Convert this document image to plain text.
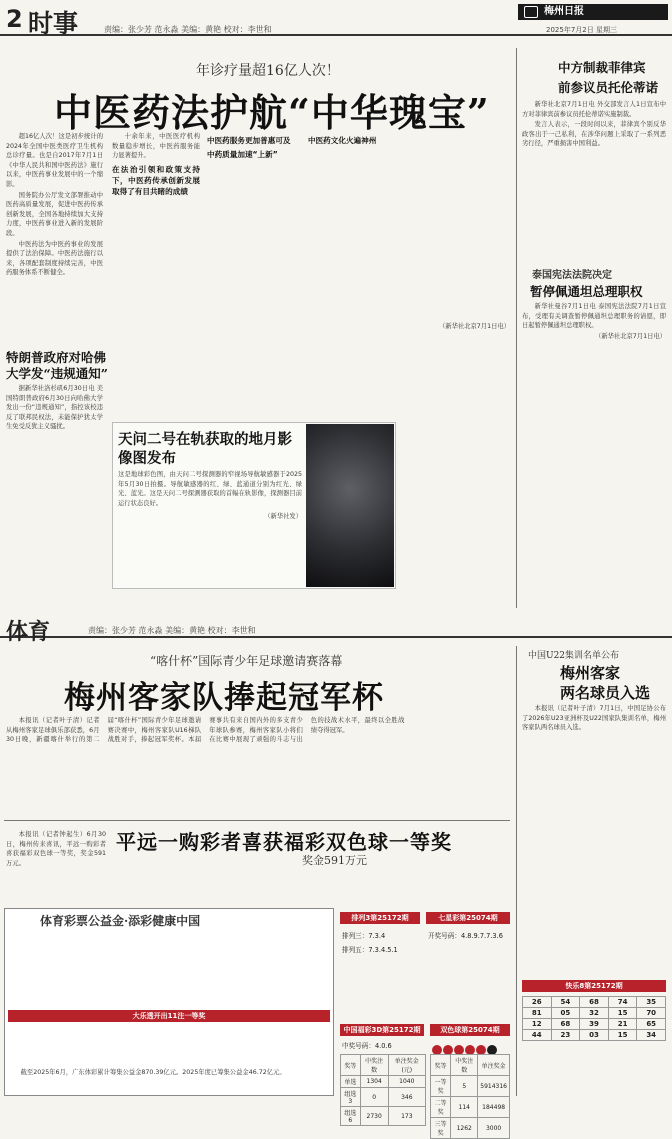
2 时事	责编：张少芳 范永淼 美编：黄艳 校对：李世和
梅州日报
2025年7月2日 星期三
年诊疗量超16亿人次！
中医药法护航“中华瑰宝”

超16亿人次！这是初步统计的2024年全国中医类医疗卫生机构总诊疗量。也是自2017年7月1日《中华人民共和国中医药法》施行以来，中医药事业发展中的一个缩影。

国务院办公厅发文部署推动中医药高质量发展，促进中医药传承创新发展，全国各地持续加大支持力度，中医药事业进入新的发展阶段。

中医药法为中医药事业的发展提供了法治保障。中医药法施行以来，各项配套制度持续完善，中医药服务体系不断健全。

十余年来，中医医疗机构数量稳步增长，中医药服务能力显著提升。

在法治引领和政策支持下，中医药传承创新发展取得了有目共睹的成绩

中医药服务更加普惠可及

中药质量加速“上新”

中医药文化火遍神州

（新华社北京7月1日电）

特朗普政府对哈佛
大学发“违规通知”

据新华社洛杉矶6月30日电 美国特朗普政府6月30日向哈佛大学发出一份“违规通知”，指控该校违反了联邦民权法，未能保护犹太学生免受反犹主义骚扰。

天问二号在轨获取的地月影像图发布
这是地球彩色图，由天问二号探测器的窄视场导航敏感器于2025年5月30日拍摄。导航敏感器的红、绿、蓝通道分别为红光、绿光、蓝光。这是天问二号探测器获取的首幅在轨影像，探测器目前运行状态良好。
（新华社发）
中方制裁菲律宾
前参议员托伦蒂诺

新华社北京7月1日电 外交部发言人1日宣布中方对菲律宾前参议员托伦蒂诺实施制裁。

发言人表示，一段时间以来，菲律宾个别反华政客出于一己私利，在涉华问题上采取了一系列恶劣行径，严重损害中国利益。

泰国宪法法院决定
暂停佩通坦总理职权

新华社曼谷7月1日电 泰国宪法法院7月1日宣布，受理有关调查暂停佩通坦总理职务的请愿，即日起暂停佩通坦总理职权。

（新华社北京7月1日电）

体育	责编：张少芳 范永淼 美编：黄艳 校对：李世和
“喀什杯”国际青少年足球邀请赛落幕
梅州客家队捧起冠军杯

本报讯（记者叶子清）记者从梅州客家足球俱乐部获悉，6月30日晚，新疆喀什举行的第二届“喀什杯”国际青少年足球邀请赛决赛中，梅州客家队U16梯队战胜对手，捧起冠军奖杯。本届赛事共有来自国内外的多支青少年球队参赛，梅州客家队小将们在比赛中展现了顽强的斗志与出色的技战术水平，最终以全胜战绩夺得冠军。

中国U22集训名单公布
梅州客家
两名球员入选

本报讯（记者叶子清）7月1日，中国足协公布了2026年U23亚洲杯及U22国家队集训名单，梅州客家队两名球员入选。

平远一购彩者喜获福彩双色球一等奖
奖金591万元

本报讯（记者钟起生）6月30日，梅州传来喜讯，平远一购彩者喜获福彩双色球一等奖，奖金591万元。

体育彩票公益金·添彩健康中国
大乐透开出11注一等奖

截至2025年6月，广东体彩累计筹集公益金870.39亿元。2025年度已筹集公益金46.72亿元。

排列3第25172期
排列三：7.3.4
排列五：7.3.4.5.1
七星彩第25074期
开奖号码：4.8.9.7.7.3.6
中国福彩3D第25172期
中奖号码：4.0.6
奖等	中奖注数	单注奖金(元)
单选	1304	1040
组选3	0	346
组选6	2730	173
双色球第25074期
奖等	中奖注数	单注奖金
一等奖	5	5914316
二等奖	114	184498
三等奖	1262	3000
快乐8第25172期
26	54	68	74	35
81	05	32	15	70
12	68	39	21	65
44	23	03	15	34
